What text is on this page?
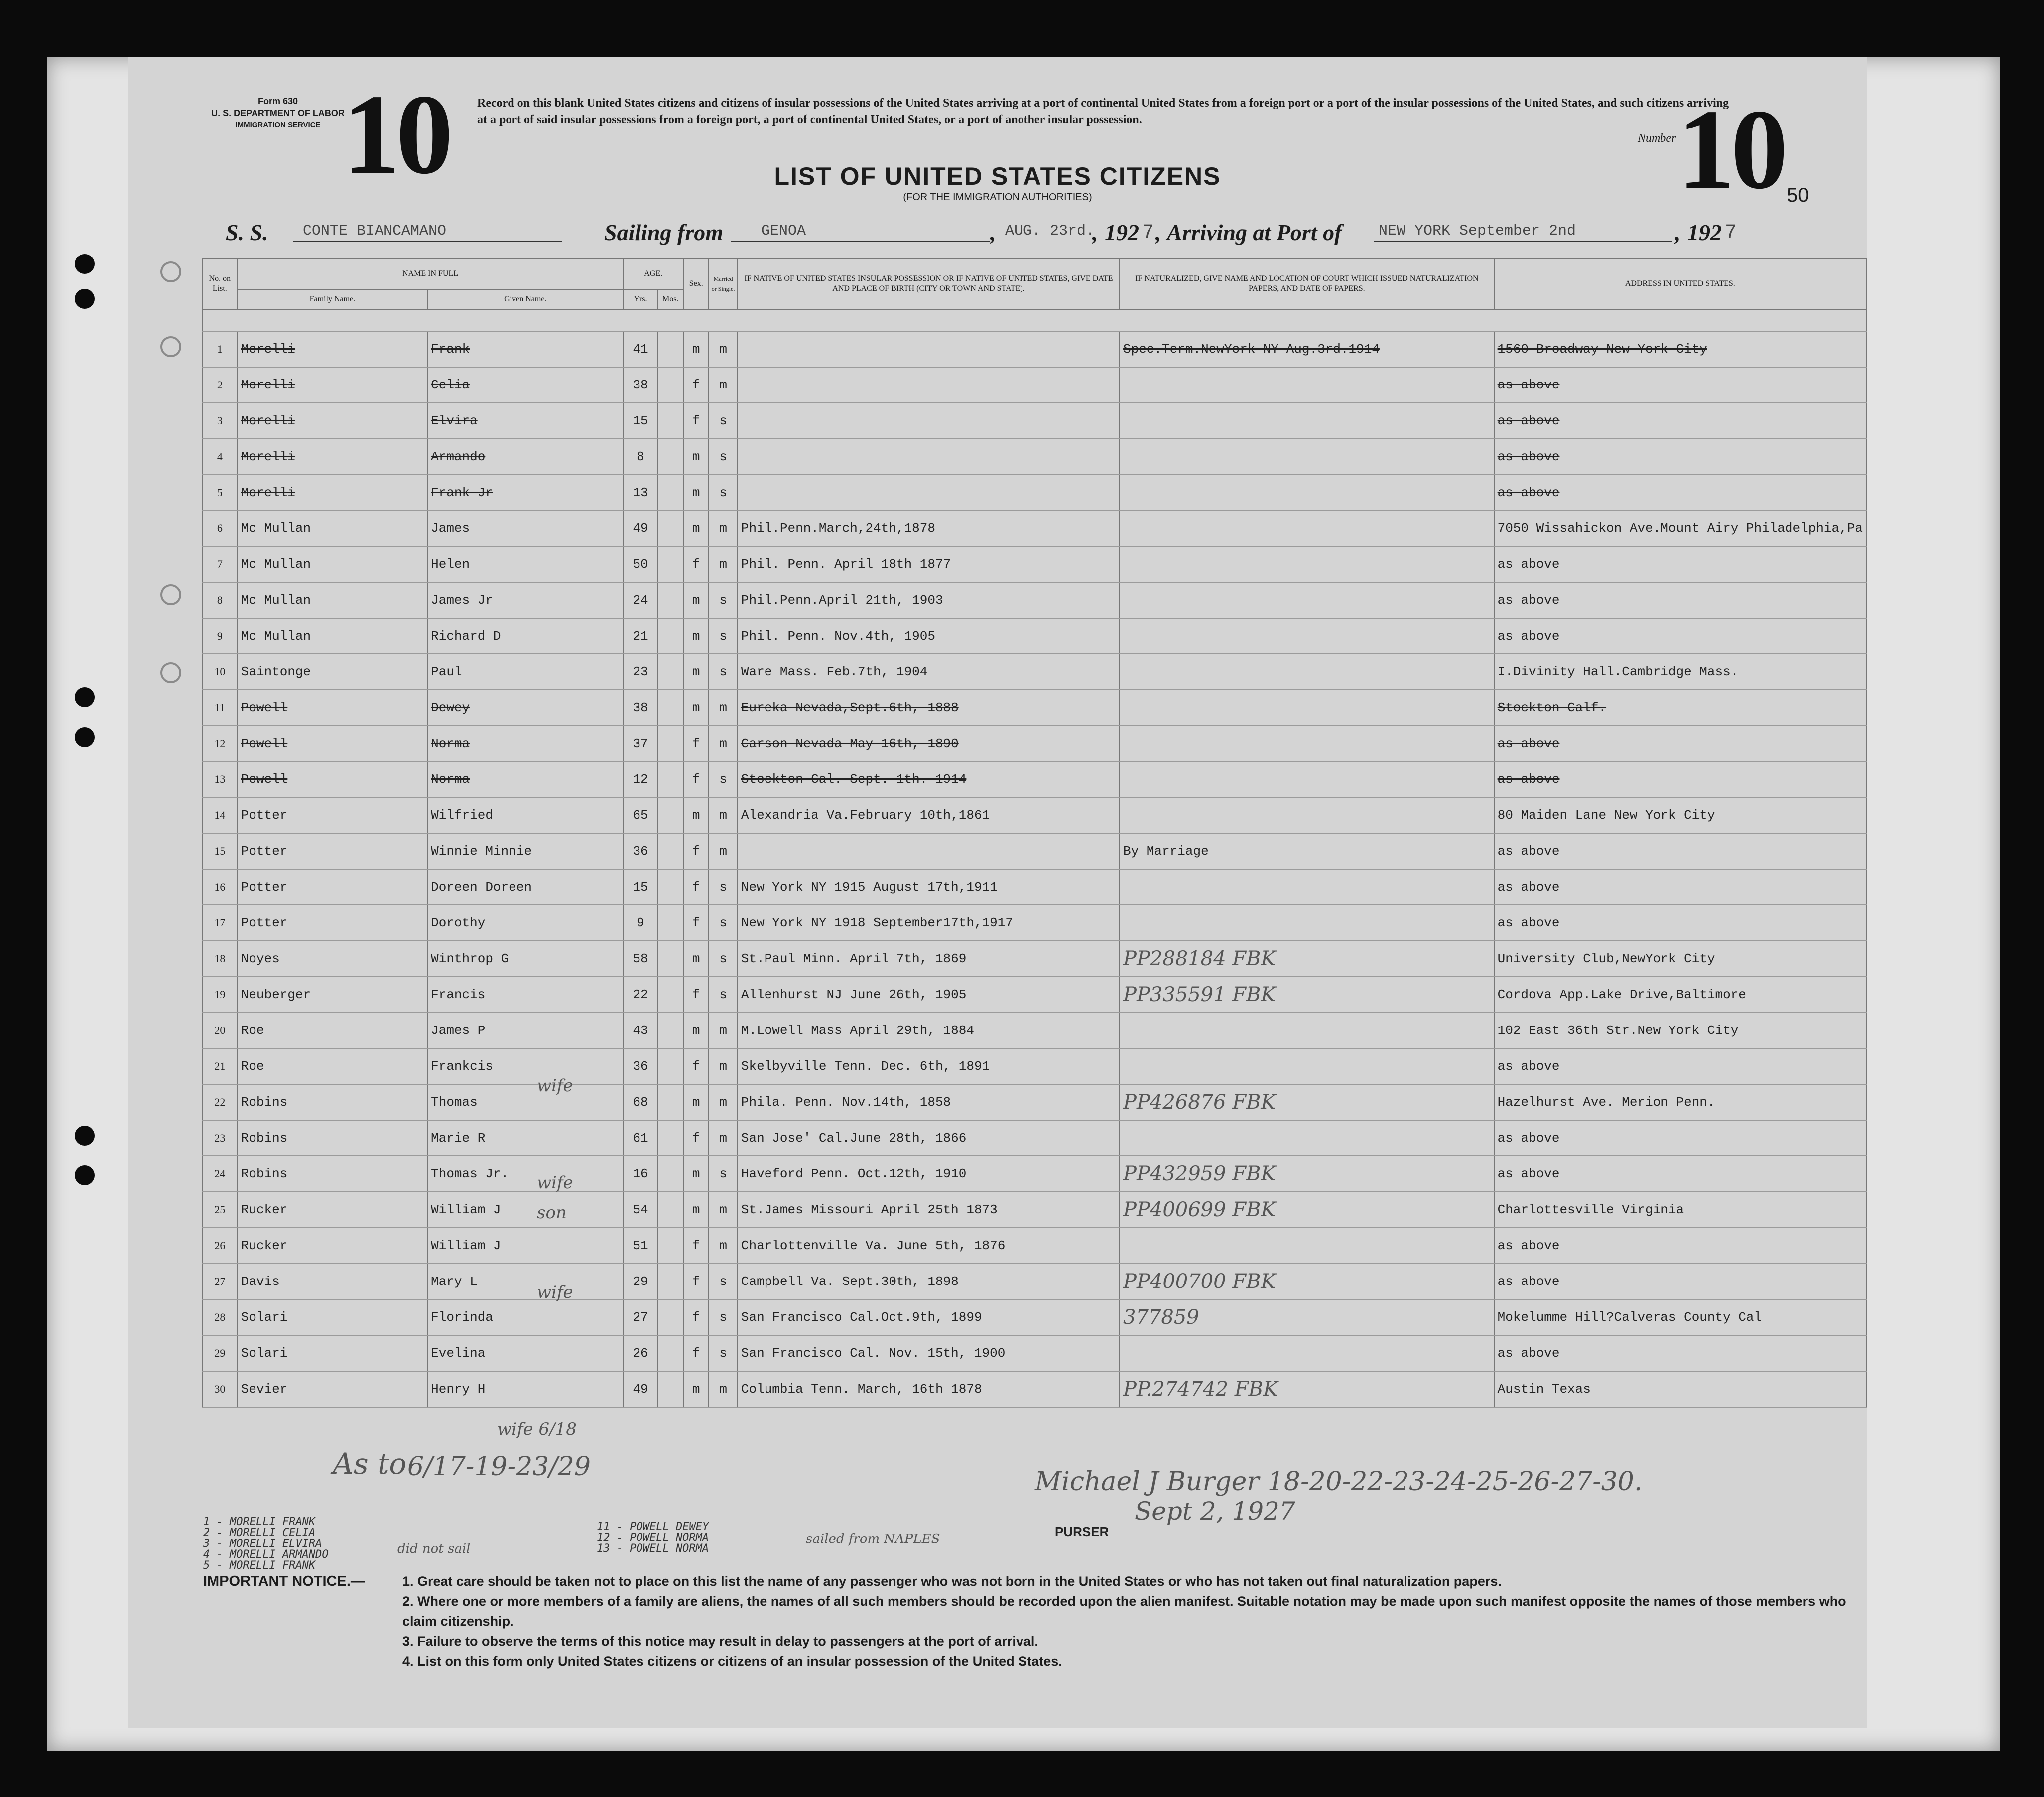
Form 630
U. S. DEPARTMENT OF LABOR
IMMIGRATION SERVICE 10 Record on this blank United States citizens and citizens of insular possessions of the United States arriving at a port of continental United States from a foreign port or a port of the insular possessions of the United States, and such citizens arriving at a port of said insular possessions from a foreign port, a port of continental United States, or a port of another insular possession.
Number 10 50
LIST OF UNITED STATES CITIZENS
(FOR THE IMMIGRATION AUTHORITIES)
S. S. CONTE BIANCAMANO	Sailing from	GENOA	, AUG. 23rd.
, 192 7 , Arriving at Port of NEW YORK September 2nd	, 192 7
No. on List.	NAME IN FULL		AGE.		Sex.	Married or Single.	IF NATIVE OF UNITED STATES INSULAR POSSESSION OR IF NATIVE OF UNITED STATES, GIVE DATE AND PLACE OF BIRTH (CITY OR TOWN AND STATE).	IF NATURALIZED, GIVE NAME AND LOCATION OF COURT WHICH ISSUED NATURALIZATION PAPERS, AND DATE OF PAPERS.	ADDRESS IN UNITED STATES.
	Family Name.	Given Name.	Yrs.	Mos.					

1	Morelli	Frank	41		m	m		Spec.Term.NewYork NY Aug.3rd.1914	1560 Broadway New York City
2	Morelli	Celia	38		f	m			as above
3	Morelli	Elvira	15		f	s			as above
4	Morelli	Armando	8		m	s			as above
5	Morelli	Frank Jr	13		m	s			as above
6	Mc Mullan	James	49		m	m	Phil.Penn.March,24th,1878		7050 Wissahickon Ave.Mount Airy Philadelphia,Pa
7	Mc Mullan	Helen	50		f	m	Phil. Penn. April 18th 1877		as above
8	Mc Mullan	James Jr	24		m	s	Phil.Penn.April 21th, 1903		as above
9	Mc Mullan	Richard D	21		m	s	Phil. Penn. Nov.4th, 1905		as above
10	Saintonge	Paul	23		m	s	Ware Mass. Feb.7th, 1904		I.Divinity Hall.Cambridge Mass.
11	Powell	Dewey	38		m	m	Eureka Nevada,Sept.6th, 1888		Stockton Calf.
12	Powell	Norma	37		f	m	Carson Nevada May 16th, 1890		as above
13	Powell	Norma	12		f	s	Stockton Cal. Sept. 1th. 1914		as above
14	Potter	Wilfried	65		m	m	Alexandria Va.February 10th,1861		80 Maiden Lane New York City
15	Potter	Winnie Minnie	36		f	m		By Marriage	as above
16	Potter	Doreen Doreen	15		f	s	New York NY 1915 August 17th,1911		as above
17	Potter	Dorothy	9		f	s	New York NY 1918 September17th,1917		as above
18	Noyes	Winthrop G	58		m	s	St.Paul Minn. April 7th, 1869	PP288184 FBK	University Club,NewYork City
19	Neuberger	Francis	22		f	s	Allenhurst NJ June 26th, 1905	PP335591 FBK	Cordova App.Lake Drive,Baltimore
20	Roe	James P	43		m	m	M.Lowell Mass April 29th, 1884		102 East 36th Str.New York City
21	Roe	Frankcis	36		f	m	Skelbyville Tenn. Dec. 6th, 1891		as above
22	Robins	Thomas	68		m	m	Phila. Penn. Nov.14th, 1858	PP426876 FBK	Hazelhurst Ave. Merion Penn.
23	Robins	Marie R	61		f	m	San Jose' Cal.June 28th, 1866		as above
24	Robins	Thomas Jr.	16		m	s	Haveford Penn. Oct.12th, 1910	PP432959 FBK	as above
25	Rucker	William J	54		m	m	St.James Missouri April 25th 1873	PP400699 FBK	Charlottesville Virginia
26	Rucker	William J	51		f	m	Charlottenville Va. June 5th, 1876		as above
27	Davis	Mary L	29		f	s	Campbell Va. Sept.30th, 1898	PP400700 FBK	as above
28	Solari	Florinda	27		f	s	San Francisco Cal.Oct.9th, 1899	377859	Mokelumme Hill?Calveras County Cal
29	Solari	Evelina	26		f	s	San Francisco Cal. Nov. 15th, 1900		as above
30	Sevier	Henry H	49		m	m	Columbia Tenn. March, 16th 1878	PP.274742 FBK	Austin Texas
wife
wife
son
wife
wife 6/18
As to 6/17-19-23/29	Michael J Burger 18-20-22-23-24-25-26-27-30.
Sept 2, 1927
PURSER
1 - MORELLI FRANK
2 - MORELLI CELIA
3 - MORELLI ELVIRA
4 - MORELLI ARMANDO
5 - MORELLI FRANK
did not sail
11 - POWELL DEWEY
12 - POWELL NORMA
13 - POWELL NORMA
sailed from NAPLES
IMPORTANT NOTICE.—	1. Great care should be taken not to place on this list the name of any passenger who was not born in the United States or who has not taken out final naturalization papers.
2. Where one or more members of a family are aliens, the names of all such members should be recorded upon the alien manifest. Suitable notation may be made upon such manifest opposite the names of those members who claim citizenship.
3. Failure to observe the terms of this notice may result in delay to passengers at the port of arrival.
4. List on this form only United States citizens or citizens of an insular possession of the United States.
